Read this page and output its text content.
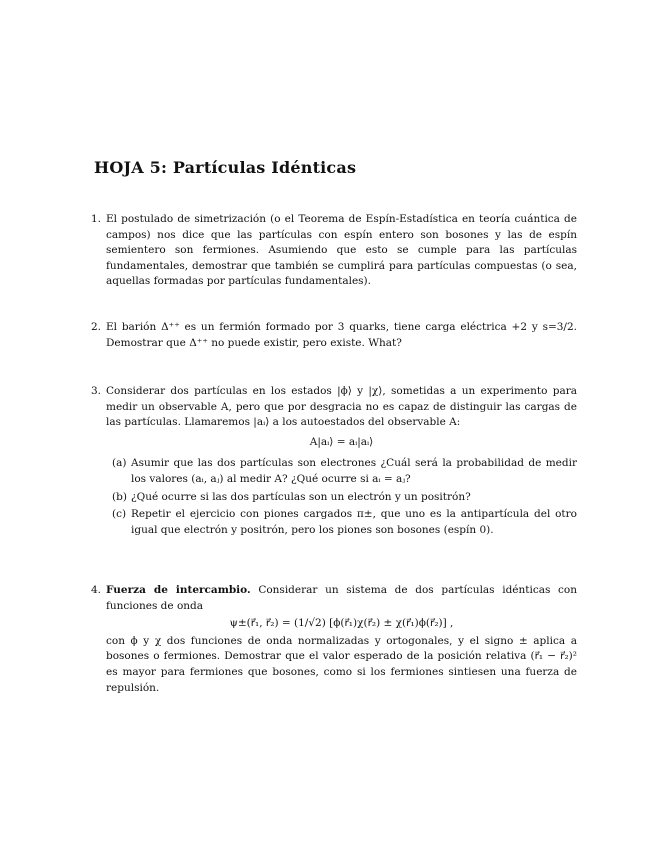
HOJA 5: Partículas Idénticas
1. El postulado de simetrización (o el Teorema de Espín-Estadística en teoría cuántica de campos) nos dice que las partículas con espín entero son bosones y las de espín semientero son fermiones. Asumiendo que esto se cumple para las partículas fundamentales, demostrar que también se cumplirá para partículas compuestas (o sea, aquellas formadas por partículas fundamentales).
2. El barión Δ⁺⁺ es un fermión formado por 3 quarks, tiene carga eléctrica +2 y s=3/2. Demostrar que Δ⁺⁺ no puede existir, pero existe. What?
3. Considerar dos partículas en los estados |ϕ⟩ y |χ⟩, sometidas a un experimento para medir un observable A, pero que por desgracia no es capaz de distinguir las cargas de las partículas. Llamaremos |aᵢ⟩ a los autoestados del observable A:
A|aᵢ⟩ = aᵢ|aᵢ⟩
(a) Asumir que las dos partículas son electrones ¿Cuál será la probabilidad de medir los valores (aᵢ, aⱼ) al medir A? ¿Qué ocurre si aᵢ = aⱼ?
(b) ¿Qué ocurre si las dos partículas son un electrón y un positrón?
(c) Repetir el ejercicio con piones cargados π±, que uno es la antipartícula del otro igual que electrón y positrón, pero los piones son bosones (espín 0).
4. Fuerza de intercambio. Considerar un sistema de dos partículas idénticas con funciones de onda
ψ±(r⃗₁, r⃗₂) = (1/√2) [ϕ(r⃗₁)χ(r⃗₂) ± χ(r⃗₁)ϕ(r⃗₂)] ,
con ϕ y χ dos funciones de onda normalizadas y ortogonales, y el signo ± aplica a bosones o fermiones. Demostrar que el valor esperado de la posición relativa (r⃗₁ − r⃗₂)² es mayor para fermiones que bosones, como si los fermiones sintiesen una fuerza de repulsión.
